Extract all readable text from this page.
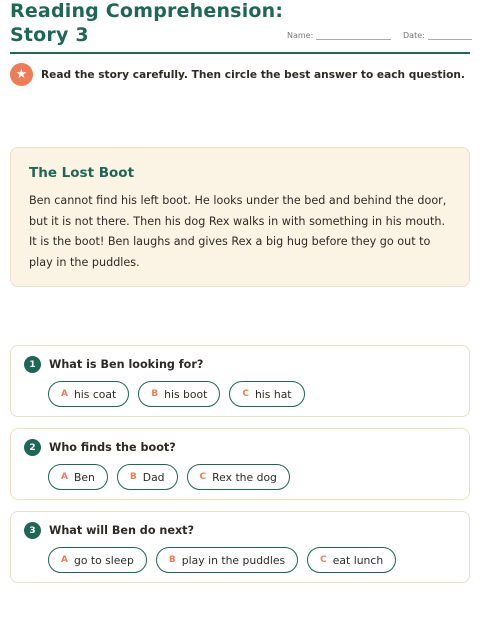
Reading Comprehension:
Story 3	Name:	Date:
★	Read the story carefully. Then circle the best answer to each question.
The Lost Boot
Ben cannot find his left boot. He looks under the bed and behind the door, but it is not there. Then his dog Rex walks in with something in his mouth. It is the boot! Ben laughs and gives Rex a big hug before they go out to play in the puddles.
1	What is Ben looking for?
A his coat	B his boot	C his hat
2	Who finds the boot?
A Ben	B Dad	C Rex the dog
3	What will Ben do next?
A go to sleep	B play in the puddles	C eat lunch
